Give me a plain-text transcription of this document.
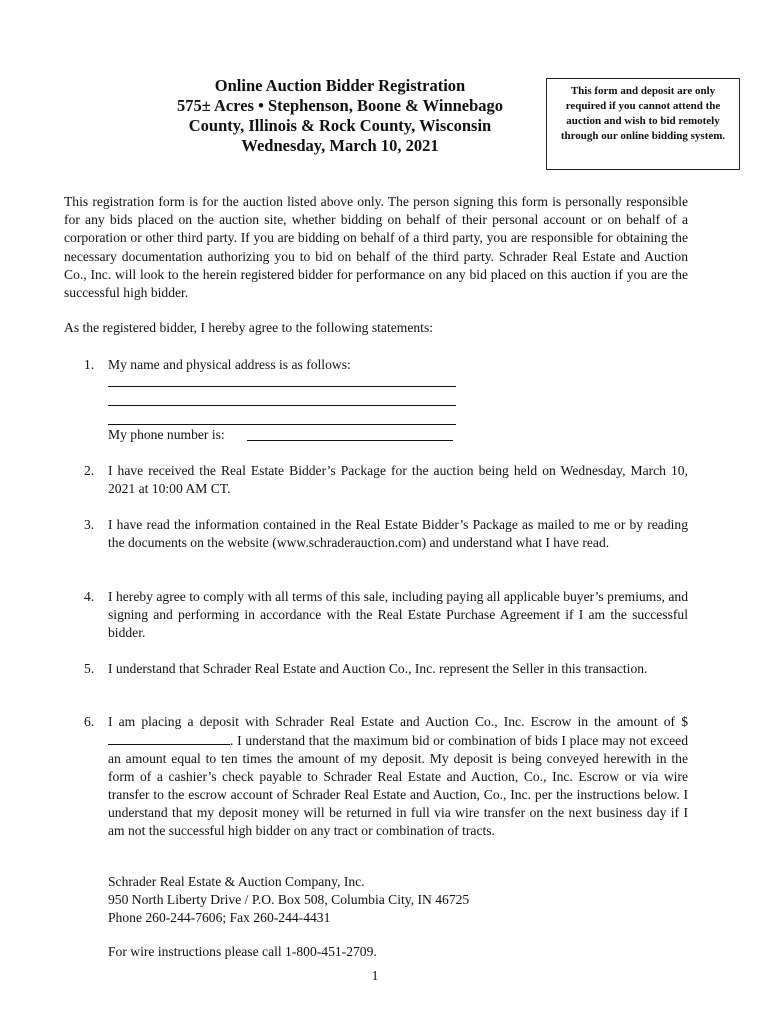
Online Auction Bidder Registration
575± Acres • Stephenson, Boone & Winnebago
County, Illinois & Rock County, Wisconsin
Wednesday, March 10, 2021
This form and deposit are only required if you cannot attend the auction and wish to bid remotely through our online bidding system.

This registration form is for the auction listed above only. The person signing this form is personally responsible for any bids placed on the auction site, whether bidding on behalf of their personal account or on behalf of a corporation or other third party. If you are bidding on behalf of a third party, you are responsible for obtaining the necessary documentation authorizing you to bid on behalf of the third party. Schrader Real Estate and Auction Co., Inc. will look to the herein registered bidder for performance on any bid placed on this auction if you are the successful high bidder.

As the registered bidder, I hereby agree to the following statements:

1.	My name and physical address is as follows:
My phone number is:
2.	I have received the Real Estate Bidder’s Package for the auction being held on Wednesday, March 10, 2021 at 10:00 AM CT.
3.	I have read the information contained in the Real Estate Bidder’s Package as mailed to me or by reading the documents on the website (www.schraderauction.com) and understand what I have read.
4.	I hereby agree to comply with all terms of this sale, including paying all applicable buyer’s premiums, and signing and performing in accordance with the Real Estate Purchase Agreement if I am the successful bidder.
5.	I understand that Schrader Real Estate and Auction Co., Inc. represent the Seller in this transaction.
6.	I am placing a deposit with Schrader Real Estate and Auction Co., Inc. Escrow in the amount of $. I understand that the maximum bid or combination of bids I place may not exceed an amount equal to ten times the amount of my deposit. My deposit is being conveyed herewith in the form of a cashier’s check payable to Schrader Real Estate and Auction, Co., Inc. Escrow or via wire transfer to the escrow account of Schrader Real Estate and Auction, Co., Inc. per the instructions below. I understand that my deposit money will be returned in full via wire transfer on the next business day if I am not the successful high bidder on any tract or combination of tracts.
Schrader Real Estate & Auction Company, Inc.
950 North Liberty Drive / P.O. Box 508, Columbia City, IN 46725
Phone 260-244-7606; Fax 260-244-4431
For wire instructions please call 1-800-451-2709.
1
